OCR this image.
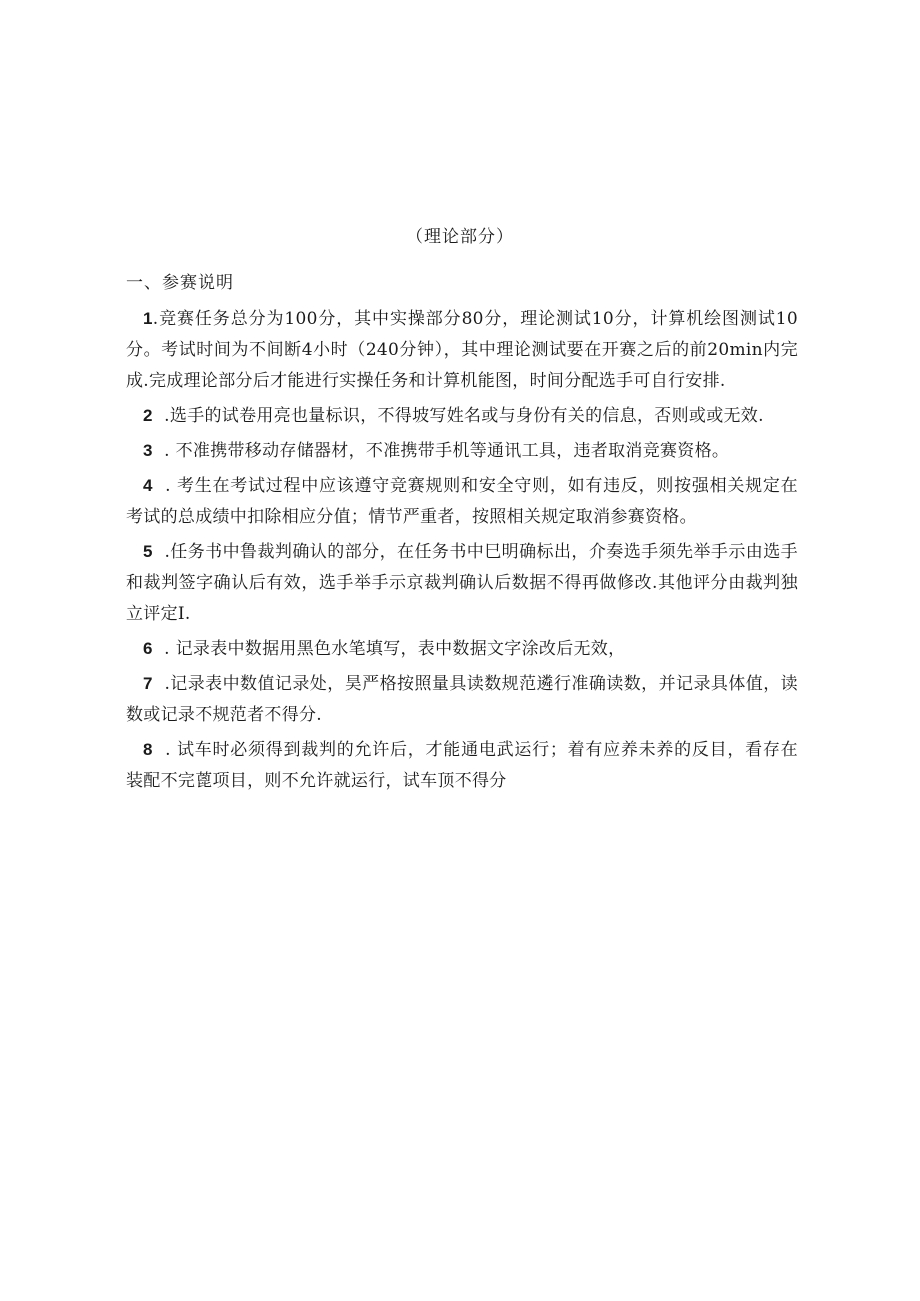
（理论部分）
一、参赛说明

1.竞赛任务总分为100分，其中实操部分80分，理论测试10分，计算机绘图测试10分。考试时间为不间断4小时（240分钟），其中理论测试要在开赛之后的前20min内完成.完成理论部分后才能进行实操任务和计算机能图，时间分配选手可自行安排.

2  .选手的试卷用亮也量标识，不得坡写姓名或与身份有关的信息，否则或或无效.

3  . 不准携带移动存储器材，不准携带手机等通讯工具，违者取消竞赛资格。

4  . 考生在考试过程中应该遵守竞赛规则和安全守则，如有违反，则按强相关规定在考试的总成绩中扣除相应分值；情节严重者，按照相关规定取消参赛资格。

5  .任务书中鲁裁判确认的部分，在任务书中巳明确标出，介奏选手须先举手示由选手和裁判签字确认后有效，选手举手示京裁判确认后数据不得再做修改.其他评分由裁判独立评定I.

6  . 记录表中数据用黑色水笔填写，表中数据文字涂改后无效，

7  .记录表中数值记录处，昊严格按照量具读数规范遴行准确读数，并记录具体值，读数或记录不规范者不得分.

8  . 试车时必须得到裁判的允许后，才能通电武运行；着有应养未养的反目，看存在装配不完蓖项目，则不允许就运行，试车顶不得分
